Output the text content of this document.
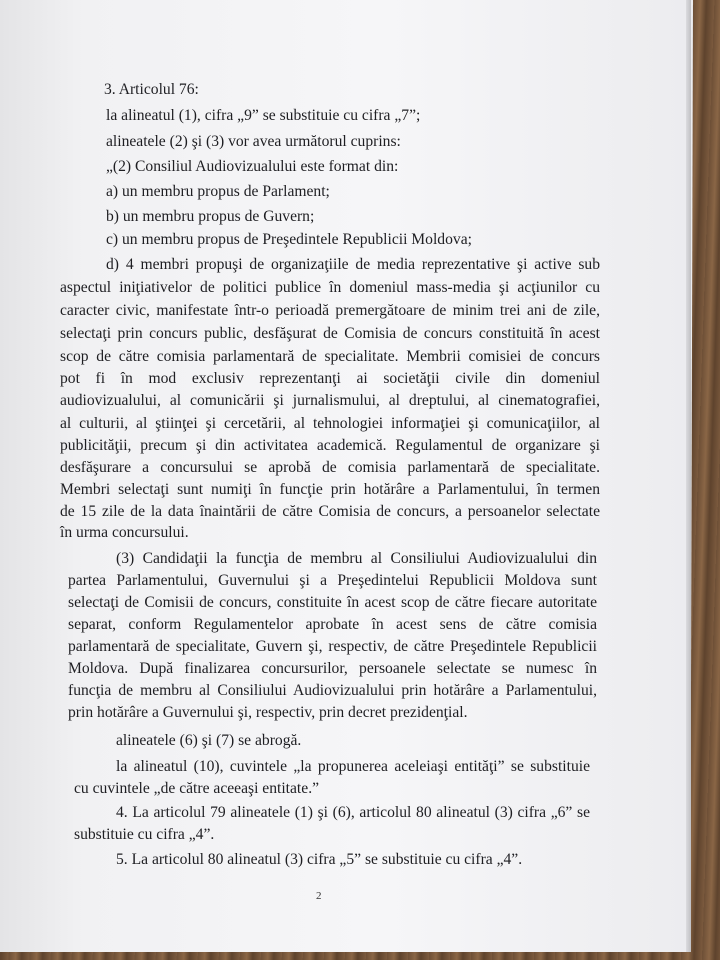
3. Articolul 76:
la alineatul (1), cifra „9” se substituie cu cifra „7”;
alineatele (2) şi (3) vor avea următorul cuprins:
„(2) Consiliul Audiovizualului este format din:
a) un membru propus de Parlament;
b) un membru propus de Guvern;
c) un membru propus de Preşedintele Republicii Moldova;
d) 4 membri propuşi de organizaţiile de media reprezentative şi active sub
aspectul iniţiativelor de politici publice în domeniul mass-media şi acţiunilor cu
caracter civic, manifestate într-o perioadă premergătoare de minim trei ani de zile,
selectaţi prin concurs public, desfăşurat de Comisia de concurs constituită în acest
scop de către comisia parlamentară de specialitate. Membrii comisiei de concurs
pot fi în mod exclusiv reprezentanţi ai societăţii civile din domeniul
audiovizualului, al comunicării şi jurnalismului, al dreptului, al cinematografiei,
al culturii, al ştiinţei şi cercetării, al tehnologiei informaţiei şi comunicaţiilor, al
publicităţii, precum şi din activitatea academică. Regulamentul de organizare şi
desfăşurare a concursului se aprobă de comisia parlamentară de specialitate.
Membri selectaţi sunt numiţi în funcţie prin hotărâre a Parlamentului, în termen
de 15 zile de la data înaintării de către Comisia de concurs, a persoanelor selectate
în urma concursului.
(3) Candidaţii la funcţia de membru al Consiliului Audiovizualului din
partea Parlamentului, Guvernului şi a Preşedintelui Republicii Moldova sunt
selectaţi de Comisii de concurs, constituite în acest scop de către fiecare autoritate
separat, conform Regulamentelor aprobate în acest sens de către comisia
parlamentară de specialitate, Guvern şi, respectiv, de către Preşedintele Republicii
Moldova. După finalizarea concursurilor, persoanele selectate se numesc în
funcţia de membru al Consiliului Audiovizualului prin hotărâre a Parlamentului,
prin hotărâre a Guvernului şi, respectiv, prin decret prezidenţial.
alineatele (6) şi (7) se abrogă.
la alineatul (10), cuvintele „la propunerea aceleiaşi entităţi” se substituie
cu cuvintele „de către aceeaşi entitate.”
4. La articolul 79 alineatele (1) şi (6), articolul 80 alineatul (3) cifra „6” se
substituie cu cifra „4”.
5. La articolul 80 alineatul (3) cifra „5” se substituie cu cifra „4”.
2
